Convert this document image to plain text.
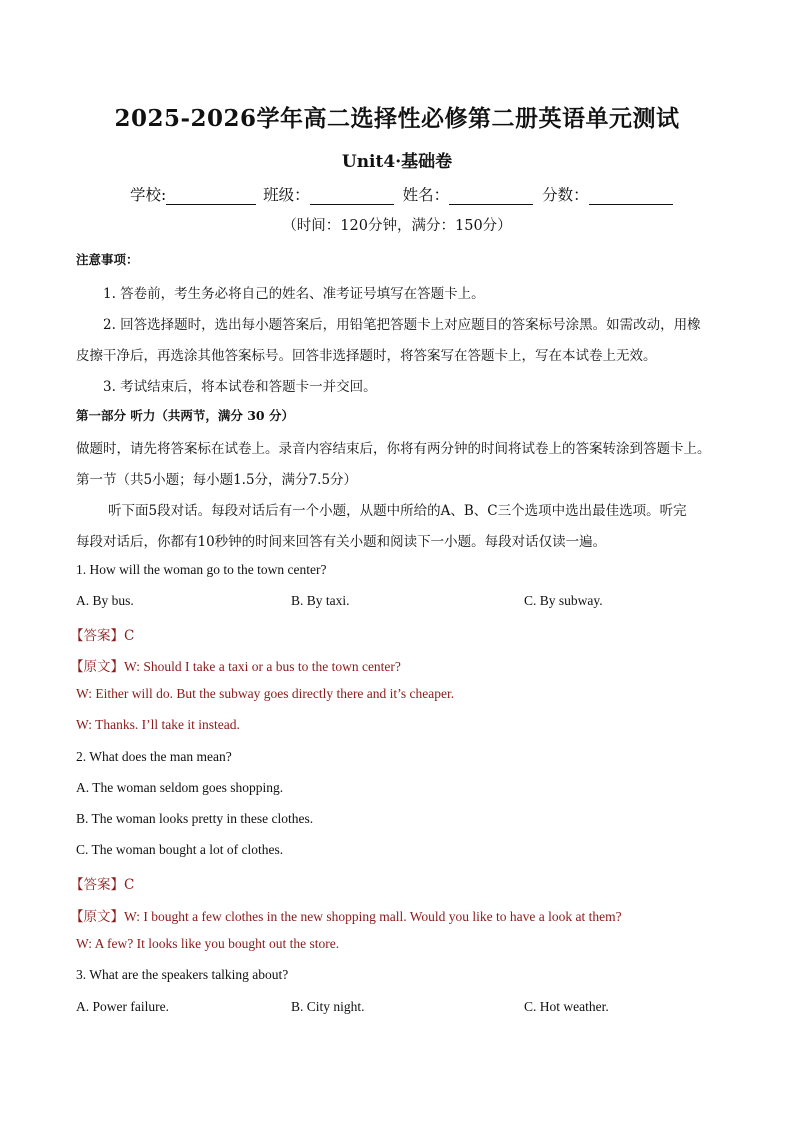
2025-2026学年高二选择性必修第二册英语单元测试
Unit4·基础卷
学校:	班级：	姓名：	分数：
（时间：120分钟，满分：150分）
注意事项：
1. 答卷前，考生务必将自己的姓名、准考证号填写在答题卡上。
2. 回答选择题时，选出每小题答案后，用铅笔把答题卡上对应题目的答案标号涂黑。如需改动，用橡
皮擦干净后，再选涂其他答案标号。回答非选择题时，将答案写在答题卡上，写在本试卷上无效。
3. 考试结束后，将本试卷和答题卡一并交回。
第一部分 听力（共两节，满分 30 分）
做题时，请先将答案标在试卷上。录音内容结束后，你将有两分钟的时间将试卷上的答案转涂到答题卡上。
第一节（共5小题；每小题1.5分，满分7.5分）
听下面5段对话。每段对话后有一个小题，从题中所给的A、B、C三个选项中选出最佳选项。听完
每段对话后，你都有10秒钟的时间来回答有关小题和阅读下一小题。每段对话仅读一遍。
1. How will the woman go to the town center?
A. By bus.	B. By taxi.	C. By subway.
【答案】C
【原文】W: Should I take a taxi or a bus to the town center?
W: Either will do. But the subway goes directly there and it’s cheaper.
W: Thanks. I’ll take it instead.
2. What does the man mean?
A. The woman seldom goes shopping.
B. The woman looks pretty in these clothes.
C. The woman bought a lot of clothes.
【答案】C
【原文】W: I bought a few clothes in the new shopping mall. Would you like to have a look at them?
W: A few? It looks like you bought out the store.
3. What are the speakers talking about?
A. Power failure.	B. City night.	C. Hot weather.
